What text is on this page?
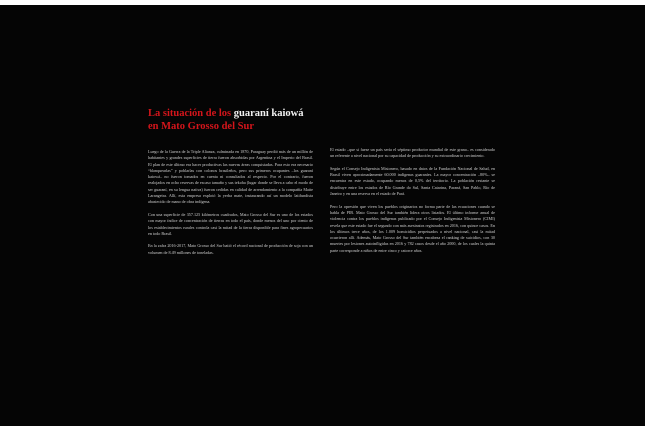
La situación de los guaraní kaiowá
en Mato Grosso del Sur

Luego de la Guerra de la Triple Alianza, culminada en 1870, Paraguay perdió más de un millón de habitantes y grandes superficies de tierra fueron absorbidas por Argentina y el Imperio del Brasil. El plan de este último era hacer productivas las nuevas áreas conquistadas. Para esto era necesario “blanquearlas” y poblarlas con colonos brasileños, pero sus primeros ocupantes –los guaraní kaiowá– no fueron tomados en cuenta ni consultados al respecto. Por el contrario, fueron realojados en ocho reservas de escaso tamaño y sus tekoha (lugar donde se lleva a cabo el modo de ser guaraní, en su lengua nativa) fueron cedidas en calidad de arrendamiento a la compañía Matte Larangeira. Allí, esta empresa explotó la yerba mate, instaurando así un modelo latifundista abastecido de mano de obra indígena.

Con una superficie de 357.125 kilómetros cuadrados, Mato Grosso del Sur es uno de los estados con mayor índice de concentración de tierras en todo el país, donde menos del uno por ciento de los establecimientos rurales controla casi la mitad de la tierra disponible para fines agropecuarios en todo Brasil.

En la zafra 2016-2017, Mato Grosso del Sur batió el récord nacional de producción de soja con un volumen de 8.49 millones de toneladas.

El estado –que si fuese un país sería el séptimo productor mundial de este grano– es considerado un referente a nivel nacional por su capacidad de producción y su extraordinario crecimiento.

Según el Consejo Indigenista Misionero, basado en datos de la Fundación Nacional de Salud, en Brasil viven aproximadamente 60.000 indígenas guaraníes. La mayor concentración –80%– se encuentra en este estado, ocupando menos de 0,5% del territorio. La población restante se distribuye entre los estados de Río Grande do Sul, Santa Catarina, Paraná, San Pablo, Río de Janeiro y en una reserva en el estado de Pará.

Pero la opresión que viven los pueblos originarios no forma parte de las ecuaciones cuando se habla de PIB. Mato Grosso del Sur también lidera otros listados. El último informe anual de violencia contra los pueblos indígenas publicado por el Consejo Indigenista Misionero (CIMI) revela que este estado fue el segundo con más asesinatos registrados en 2016, con quince casos. En los últimos trece años, de los 1.009 homicidios perpetuados a nivel nacional, casi la mitad ocurrieron allí. Además, Mato Grosso del Sur también encabeza el ranking de suicidios, con 30 muertes por lesiones autoinfligidas en 2016 y 782 casos desde el año 2000, de los cuales la quinta parte corresponde a niños de entre cinco y catorce años.
